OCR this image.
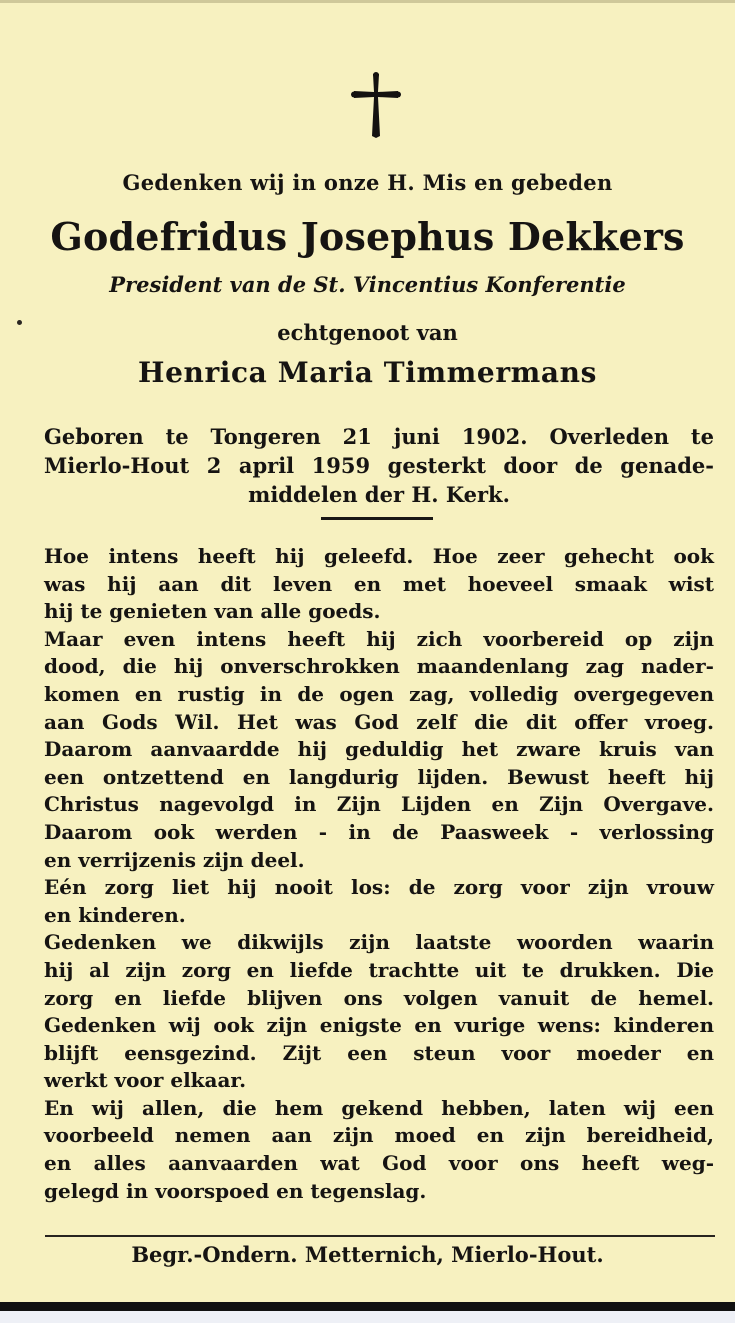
Gedenken wij in onze H. Mis en gebeden
Godefridus Josephus Dekkers
President van de St. Vincentius Konferentie
echtgenoot van
Henrica Maria Timmermans
Geboren te Tongeren 21 juni 1902. Overleden te
Mierlo-Hout 2 april 1959 gesterkt door de genade-
middelen der H. Kerk.
Hoe intens heeft hij geleefd. Hoe zeer gehecht ook
was hij aan dit leven en met hoeveel smaak wist
hij te genieten van alle goeds.
Maar even intens heeft hij zich voorbereid op zijn
dood, die hij onverschrokken maandenlang zag nader-
komen en rustig in de ogen zag, volledig overgegeven
aan Gods Wil. Het was God zelf die dit offer vroeg.
Daarom aanvaardde hij geduldig het zware kruis van
een ontzettend en langdurig lijden. Bewust heeft hij
Christus nagevolgd in Zijn Lijden en Zijn Overgave.
Daarom ook werden - in de Paasweek - verlossing
en verrijzenis zijn deel.
Eén zorg liet hij nooit los: de zorg voor zijn vrouw
en kinderen.
Gedenken we dikwijls zijn laatste woorden waarin
hij al zijn zorg en liefde trachtte uit te drukken. Die
zorg en liefde blijven ons volgen vanuit de hemel.
Gedenken wij ook zijn enigste en vurige wens: kinderen
blijft eensgezind. Zijt een steun voor moeder en
werkt voor elkaar.
En wij allen, die hem gekend hebben, laten wij een
voorbeeld nemen aan zijn moed en zijn bereidheid,
en alles aanvaarden wat God voor ons heeft weg-
gelegd in voorspoed en tegenslag.
Begr.-Ondern. Metternich, Mierlo-Hout.
